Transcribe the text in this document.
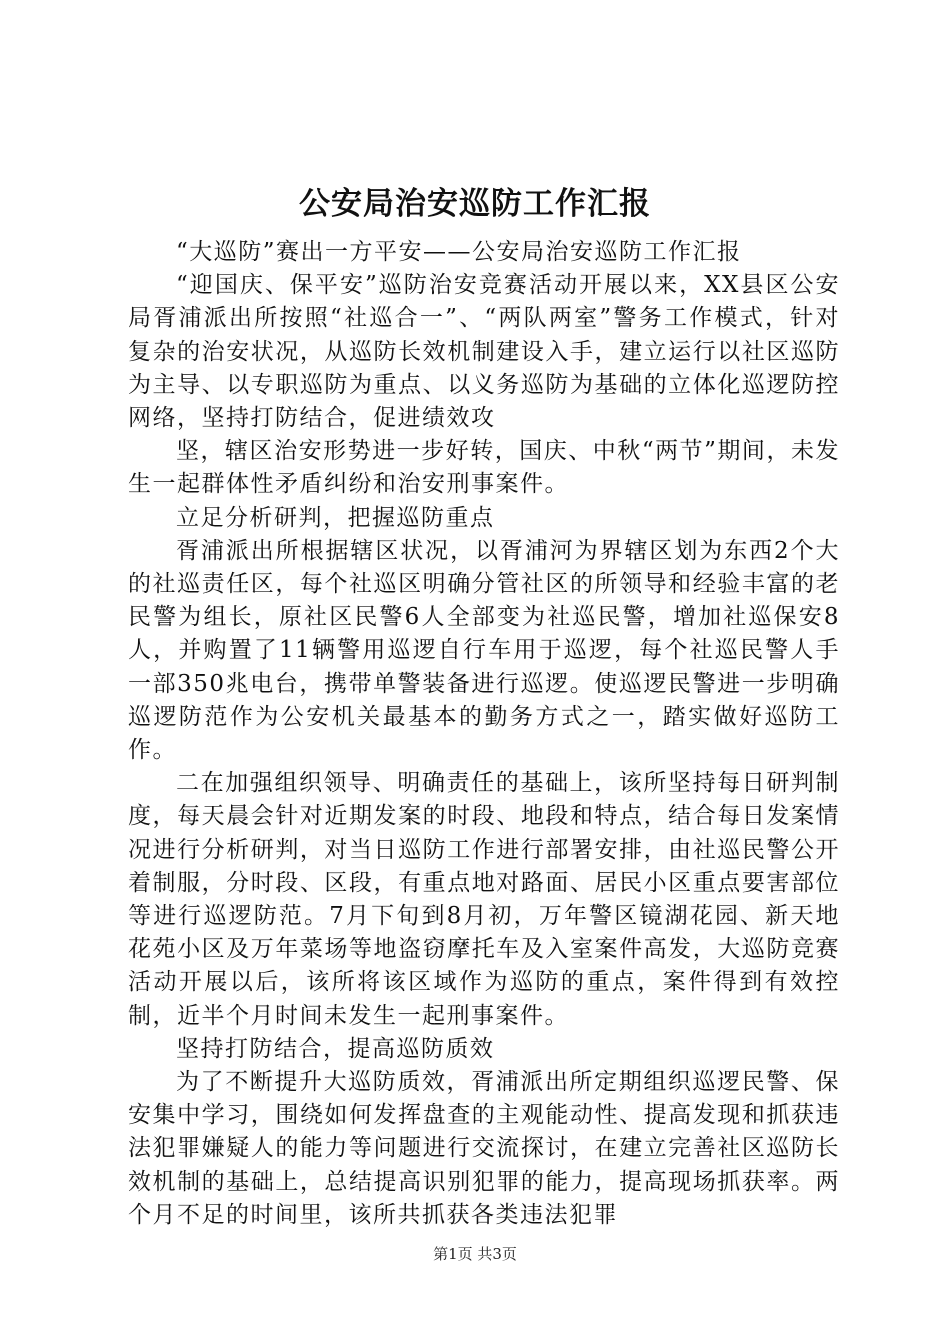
公安局治安巡防工作汇报

“大巡防”赛出一方平安——公安局治安巡防工作汇报

“迎国庆、保平安”巡防治安竞赛活动开展以来，XX县区公安局胥浦派出所按照“社巡合一”、“两队两室”警务工作模式，针对复杂的治安状况，从巡防长效机制建设入手，建立运行以社区巡防为主导、以专职巡防为重点、以义务巡防为基础的立体化巡逻防控网络，坚持打防结合，促进绩效攻

坚，辖区治安形势进一步好转，国庆、中秋“两节”期间，未发生一起群体性矛盾纠纷和治安刑事案件。

立足分析研判，把握巡防重点

胥浦派出所根据辖区状况，以胥浦河为界辖区划为东西2个大的社巡责任区，每个社巡区明确分管社区的所领导和经验丰富的老民警为组长，原社区民警6人全部变为社巡民警，增加社巡保安8人，并购置了11辆警用巡逻自行车用于巡逻，每个社巡民警人手一部350兆电台，携带单警装备进行巡逻。使巡逻民警进一步明确巡逻防范作为公安机关最基本的勤务方式之一，踏实做好巡防工作。

二在加强组织领导、明确责任的基础上，该所坚持每日研判制度，每天晨会针对近期发案的时段、地段和特点，结合每日发案情况进行分析研判，对当日巡防工作进行部署安排，由社巡民警公开着制服，分时段、区段，有重点地对路面、居民小区重点要害部位等进行巡逻防范。7月下旬到8月初，万年警区镜湖花园、新天地花苑小区及万年菜场等地盗窃摩托车及入室案件高发，大巡防竞赛活动开展以后，该所将该区域作为巡防的重点，案件得到有效控制，近半个月时间未发生一起刑事案件。

坚持打防结合，提高巡防质效

为了不断提升大巡防质效，胥浦派出所定期组织巡逻民警、保安集中学习，围绕如何发挥盘查的主观能动性、提高发现和抓获违法犯罪嫌疑人的能力等问题进行交流探讨，在建立完善社区巡防长效机制的基础上，总结提高识别犯罪的能力，提高现场抓获率。两个月不足的时间里，该所共抓获各类违法犯罪

第1页 共3页
